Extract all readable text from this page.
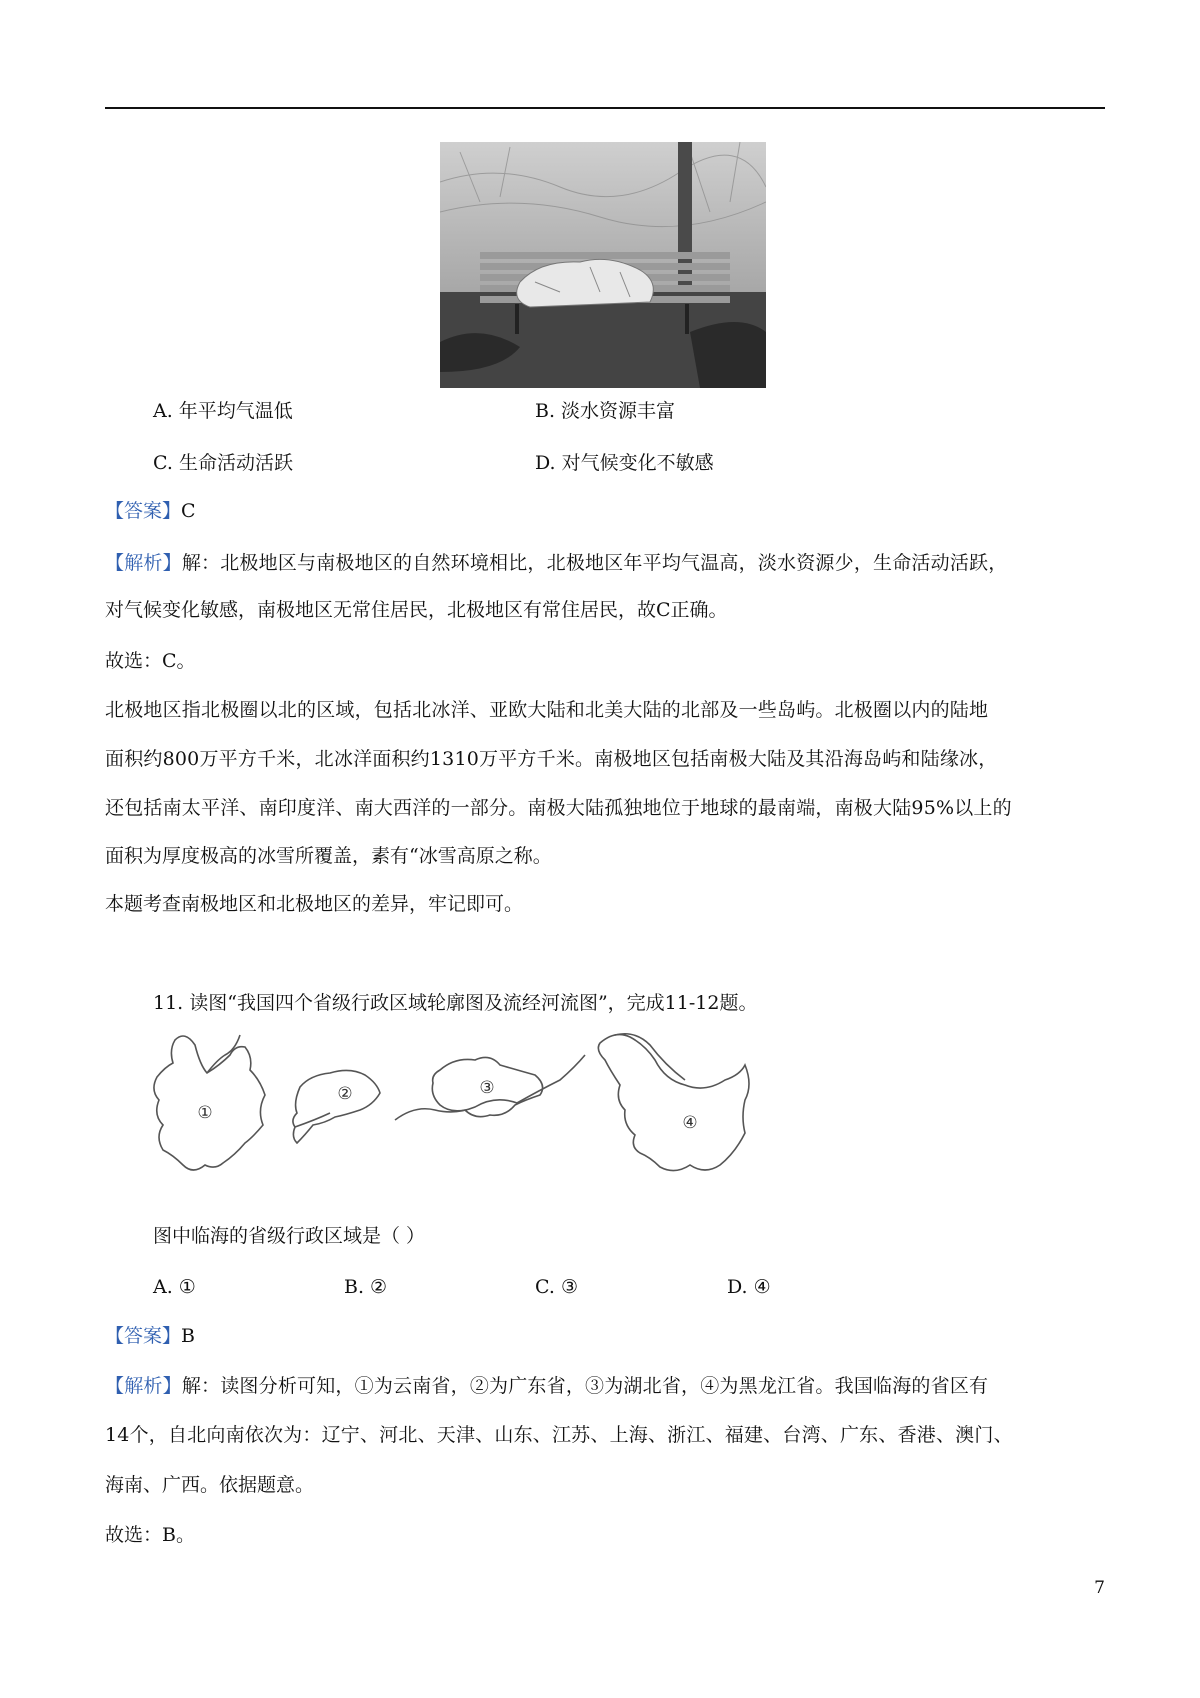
A. 年平均气温低	B. 淡水资源丰富
C. 生命活动活跃	D. 对气候变化不敏感
【答案】C
【解析】解：北极地区与南极地区的自然环境相比，北极地区年平均气温高，淡水资源少，生命活动活跃，
对气候变化敏感，南极地区无常住居民，北极地区有常住居民，故C正确。
故选：C。
北极地区指北极圈以北的区域，包括北冰洋、亚欧大陆和北美大陆的北部及一些岛屿。北极圈以内的陆地
面积约800万平方千米，北冰洋面积约1310万平方千米。南极地区包括南极大陆及其沿海岛屿和陆缘冰，
还包括南太平洋、南印度洋、南大西洋的一部分。南极大陆孤独地位于地球的最南端，南极大陆95%以上的
面积为厚度极高的冰雪所覆盖，素有“冰雪高原之称。
本题考查南极地区和北极地区的差异，牢记即可。
11. 读图“我国四个省级行政区域轮廓图及流经河流图”，完成11-12题。
①
②	③
④
图中临海的省级行政区域是（ ）
A. ①	B. ②	C. ③	D. ④
【答案】B
【解析】解：读图分析可知，①为云南省，②为广东省，③为湖北省，④为黑龙江省。我国临海的省区有
14个，自北向南依次为：辽宁、河北、天津、山东、江苏、上海、浙江、福建、台湾、广东、香港、澳门、
海南、广西。依据题意。
故选：B。
7
